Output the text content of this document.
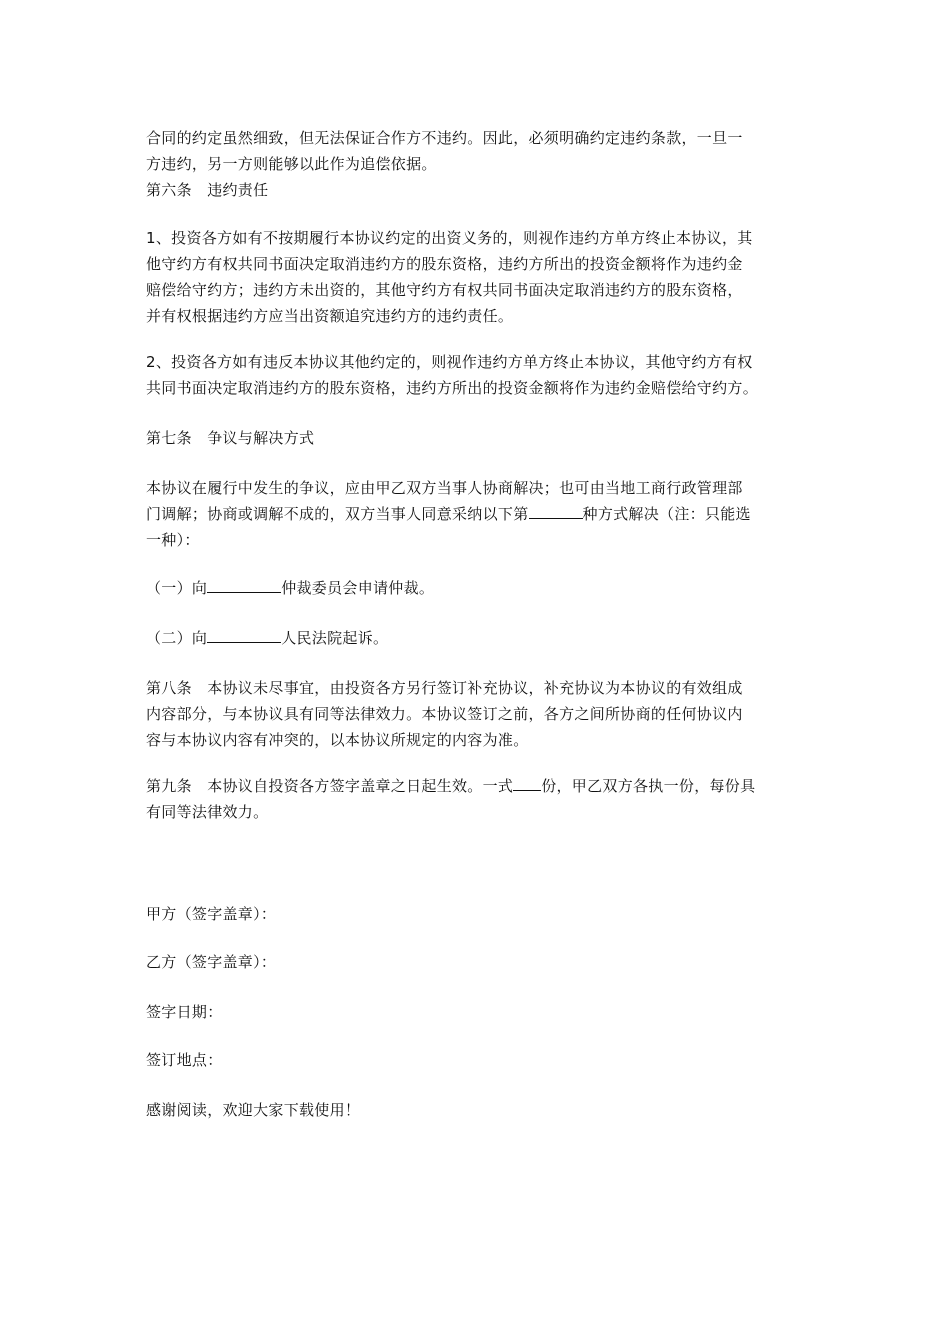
合同的约定虽然细致，但无法保证合作方不违约。因此，必须明确约定违约条款，一旦一
方违约，另一方则能够以此作为追偿依据。
第六条　违约责任
1、投资各方如有不按期履行本协议约定的出资义务的，则视作违约方单方终止本协议，其
他守约方有权共同书面决定取消违约方的股东资格，违约方所出的投资金额将作为违约金
赔偿给守约方；违约方未出资的，其他守约方有权共同书面决定取消违约方的股东资格，
并有权根据违约方应当出资额追究违约方的违约责任。
2、投资各方如有违反本协议其他约定的，则视作违约方单方终止本协议，其他守约方有权
共同书面决定取消违约方的股东资格，违约方所出的投资金额将作为违约金赔偿给守约方。
第七条　争议与解决方式
本协议在履行中发生的争议，应由甲乙双方当事人协商解决；也可由当地工商行政管理部
门调解；协商或调解不成的，双方当事人同意采纳以下第	种方式解决（注：只能选
一种）：
（一）向	仲裁委员会申请仲裁。
（二）向	人民法院起诉。
第八条　本协议未尽事宜，由投资各方另行签订补充协议，补充协议为本协议的有效组成
内容部分，与本协议具有同等法律效力。本协议签订之前，各方之间所协商的任何协议内
容与本协议内容有冲突的，以本协议所规定的内容为准。
第九条　本协议自投资各方签字盖章之日起生效。一式 份，甲乙双方各执一份，每份具
有同等法律效力。
甲方（签字盖章）：
乙方（签字盖章）：
签字日期：
签订地点：
感谢阅读，欢迎大家下载使用！
